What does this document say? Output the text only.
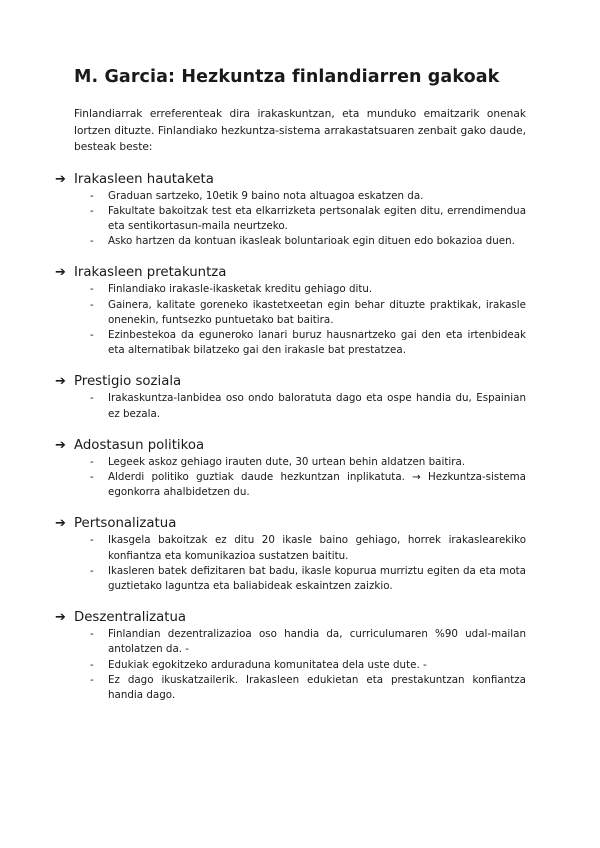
M. Garcia: Hezkuntza finlandiarren gakoak

Finlandiarrak erreferenteak dira irakaskuntzan, eta munduko emaitzarik onenak lortzen dituzte. Finlandiako hezkuntza-sistema arrakastatsuaren zenbait gako daude, besteak beste:

➔ Irakasleen hautaketa
- Graduan sartzeko, 10etik 9 baino nota altuagoa eskatzen da.
- Fakultate bakoitzak test eta elkarrizketa pertsonalak egiten ditu, errendimendua eta sentikortasun-maila neurtzeko.
- Asko hartzen da kontuan ikasleak boluntarioak egin dituen edo bokazioa duen.
➔ Irakasleen pretakuntza
- Finlandiako irakasle-ikasketak kreditu gehiago ditu.
- Gainera, kalitate goreneko ikastetxeetan egin behar dituzte praktikak, irakasle onenekin, funtsezko puntuetako bat baitira.
- Ezinbestekoa da eguneroko lanari buruz hausnartzeko gai den eta irtenbideak eta alternatibak bilatzeko gai den irakasle bat prestatzea.
➔ Prestigio soziala
- Irakaskuntza-lanbidea oso ondo baloratuta dago eta ospe handia du, Espainian ez bezala.
➔ Adostasun politikoa
- Legeek askoz gehiago irauten dute, 30 urtean behin aldatzen baitira.
- Alderdi politiko guztiak daude hezkuntzan inplikatuta. → Hezkuntza-sistema egonkorra ahalbidetzen du.
➔ Pertsonalizatua
- Ikasgela bakoitzak ez ditu 20 ikasle baino gehiago, horrek irakaslearekiko konfiantza eta komunikazioa sustatzen baititu.
- Ikasleren batek defizitaren bat badu, ikasle kopurua murriztu egiten da eta mota guztietako laguntza eta baliabideak eskaintzen zaizkio.
➔ Deszentralizatua
- Finlandian dezentralizazioa oso handia da, curriculumaren %90 udal-mailan antolatzen da. -
- Edukiak egokitzeko arduraduna komunitatea dela uste dute. -
- Ez dago ikuskatzailerik. Irakasleen edukietan eta prestakuntzan konfiantza handia dago.
